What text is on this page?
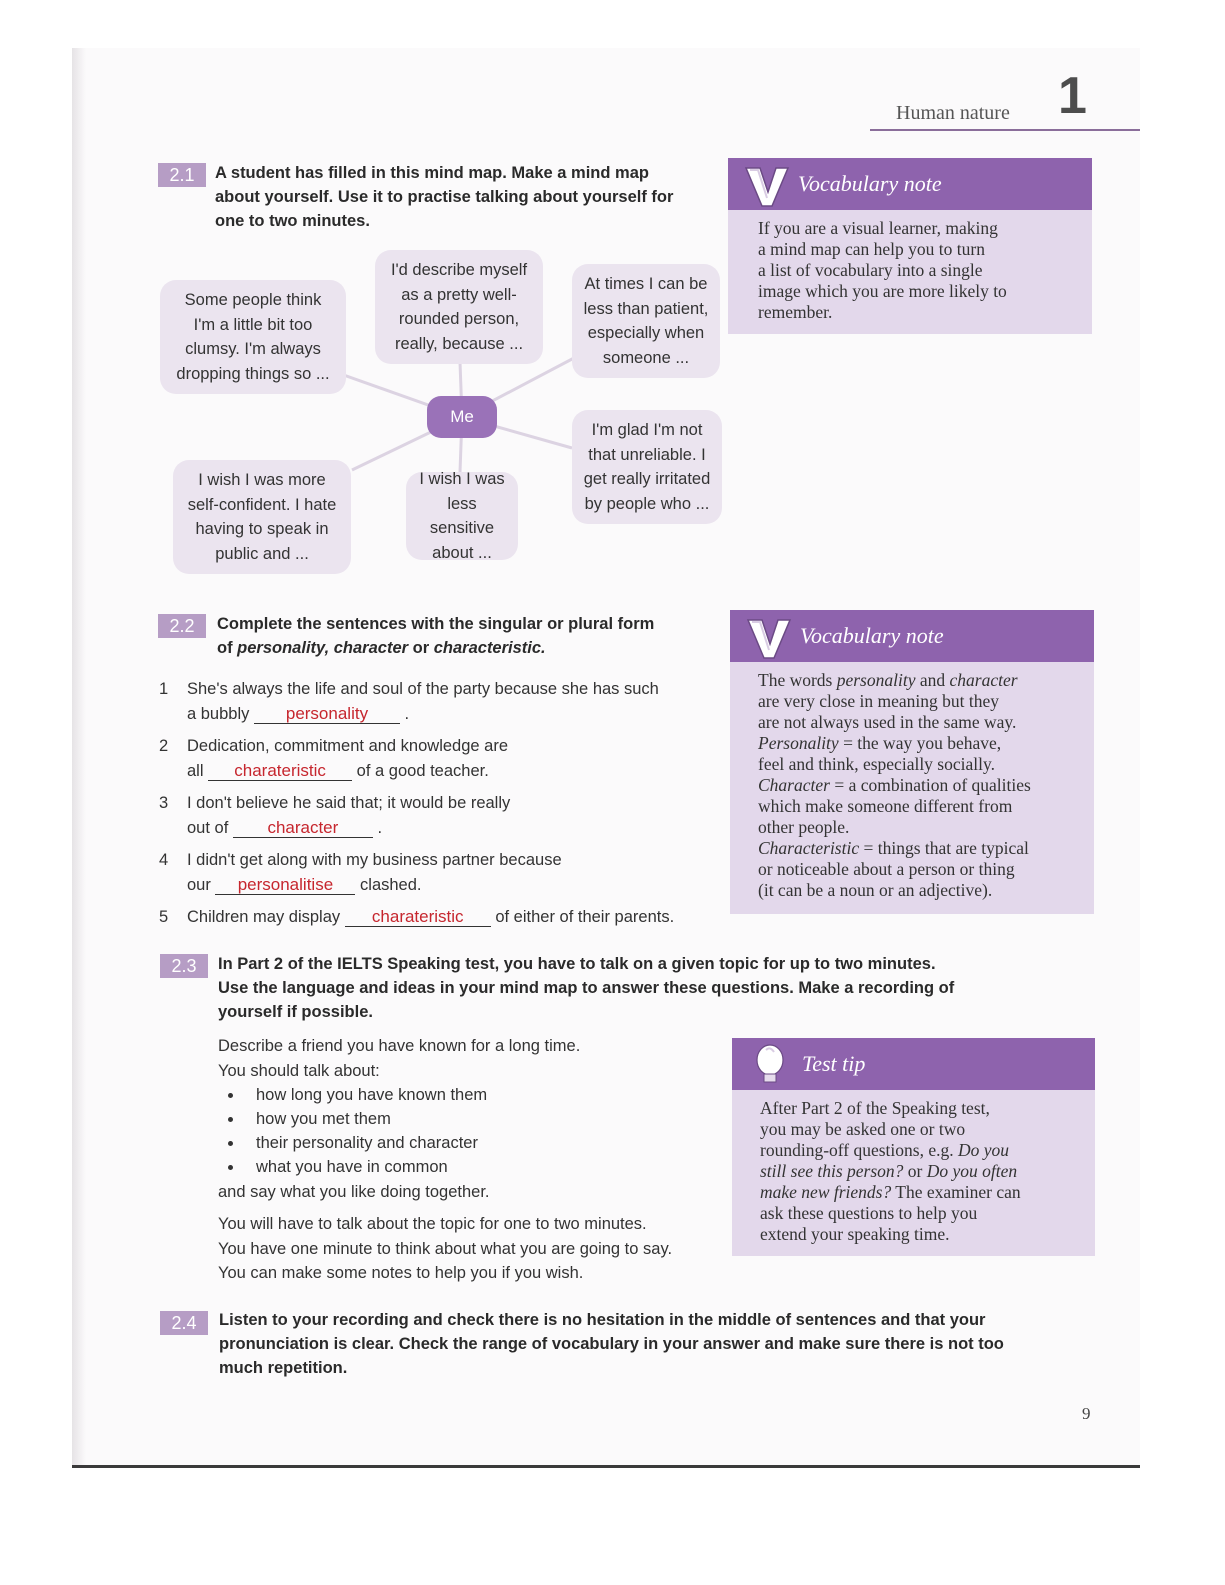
Human nature 1
2.1	A student has filled in this mind map. Make a mind map
about yourself. Use it to practise talking about yourself for
one to two minutes.
Some people think
I'm a little bit too
clumsy. I'm always
dropping things so ...
I'd describe myself
as a pretty well-
rounded person,
really, because ...
At times I can be
less than patient,
especially when
someone ...
I'm glad I'm not
that unreliable. I
get really irritated
by people who ...
I wish I was
less sensitive
about ...
I wish I was more
self-confident. I hate
having to speak in
public and ...
Me
Vocabulary note
If you are a visual learner, making
a mind map can help you to turn
a list of vocabulary into a single
image which you are more likely to
remember.
2.2	Complete the sentences with the singular or plural form
of personality, character or characteristic.
1	She's always the life and soul of the party because she has such
a bubbly personality .
2	Dedication, commitment and knowledge are
all charateristic of a good teacher.
3	I don't believe he said that; it would be really
out of character .
4	I didn't get along with my business partner because
our personalitise clashed.
5	Children may display charateristic of either of their parents.
Vocabulary note
The words personality and character
are very close in meaning but they
are not always used in the same way.
Personality = the way you behave,
feel and think, especially socially.
Character = a combination of qualities
which make someone different from
other people.
Characteristic = things that are typical
or noticeable about a person or thing
(it can be a noun or an adjective).
2.3	In Part 2 of the IELTS Speaking test, you have to talk on a given topic for up to two minutes.
Use the language and ideas in your mind map to answer these questions. Make a recording of
yourself if possible.
Describe a friend you have known for a long time.
You should talk about:
how long you have known them
how you met them
their personality and character
what you have in common
and say what you like doing together.
You will have to talk about the topic for one to two minutes.
You have one minute to think about what you are going to say.
You can make some notes to help you if you wish.
Test tip
After Part 2 of the Speaking test,
you may be asked one or two
rounding-off questions, e.g. Do you
still see this person? or Do you often
make new friends? The examiner can
ask these questions to help you
extend your speaking time.
2.4	Listen to your recording and check there is no hesitation in the middle of sentences and that your
pronunciation is clear. Check the range of vocabulary in your answer and make sure there is not too
much repetition.
9
